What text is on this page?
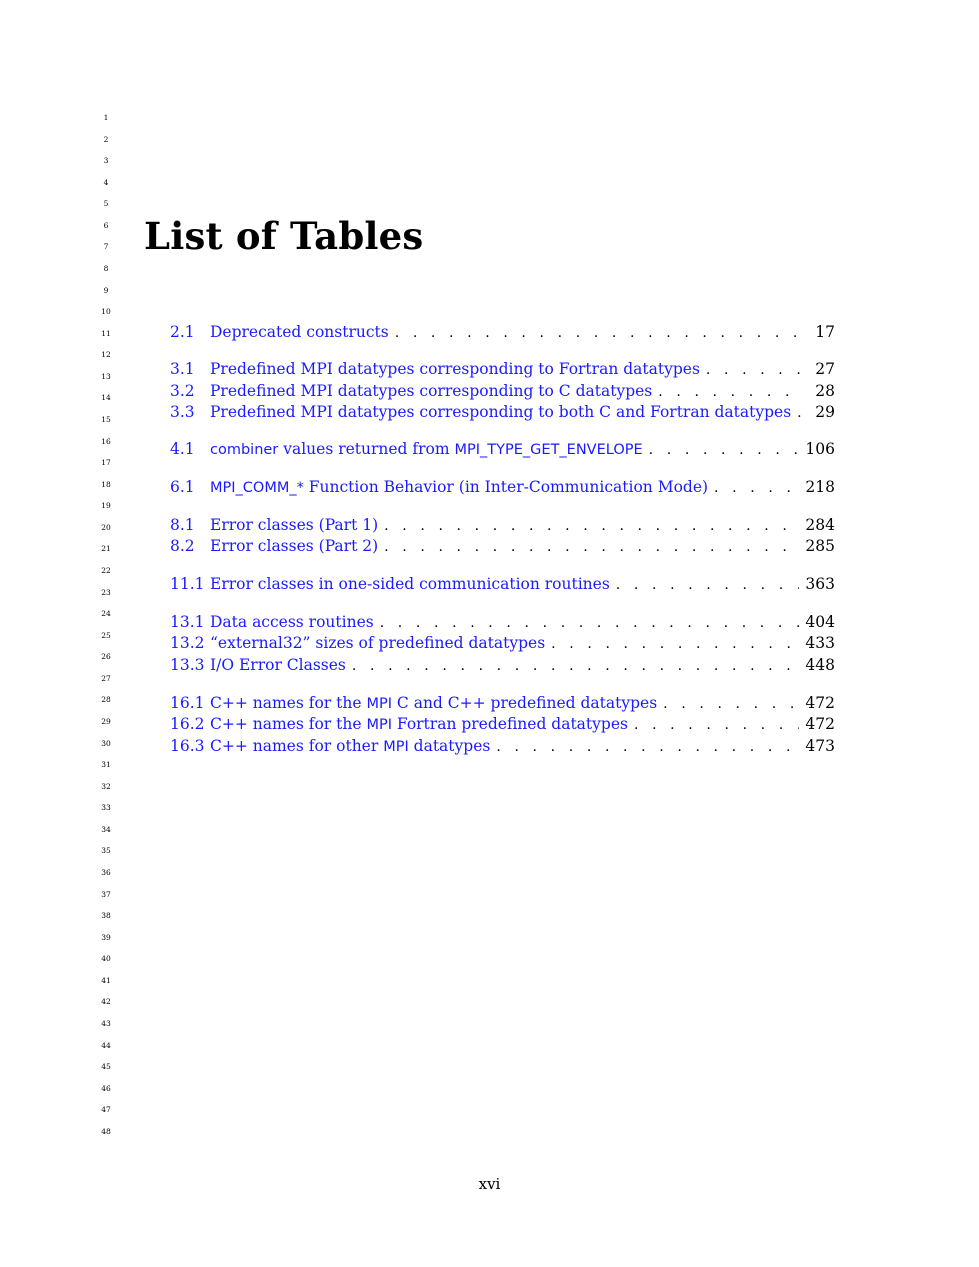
1
2
3
4
5
6
7
8
9
10
11
12
13
14
15
16
17
18
19
20
21
22
23
24
25
26
27
28
29
30
31
32
33
34
35
36
37
38
39
40
41
42
43
44
45
46
47
48
List of Tables
2.1 Deprecated constructs . . .	17
3.1 Predefined MPI datatypes corresponding to Fortran datatypes . . .	27
3.2 Predefined MPI datatypes corresponding to C datatypes . . .	28
3.3 Predefined MPI datatypes corresponding to both C and Fortran datatypes . . .	29
4.1	combiner values returned from MPI_TYPE_GET_ENVELOPE . . .	106
6.1	MPI_COMM_* Function Behavior (in Inter-Communication Mode) . . .	218
8.1 Error classes (Part 1) . . .	284
8.2 Error classes (Part 2) . . .	285
11.1 Error classes in one-sided communication routines . . .	363
13.1 Data access routines . . .	404
13.2 “external32” sizes of predefined datatypes . . .	433
13.3 I/O Error Classes . . .	448
16.1 C++ names for the MPI C and C++ predefined datatypes . . .	472
16.2 C++ names for the MPI Fortran predefined datatypes . . .	472
16.3 C++ names for other MPI datatypes . . .	473
xvi
